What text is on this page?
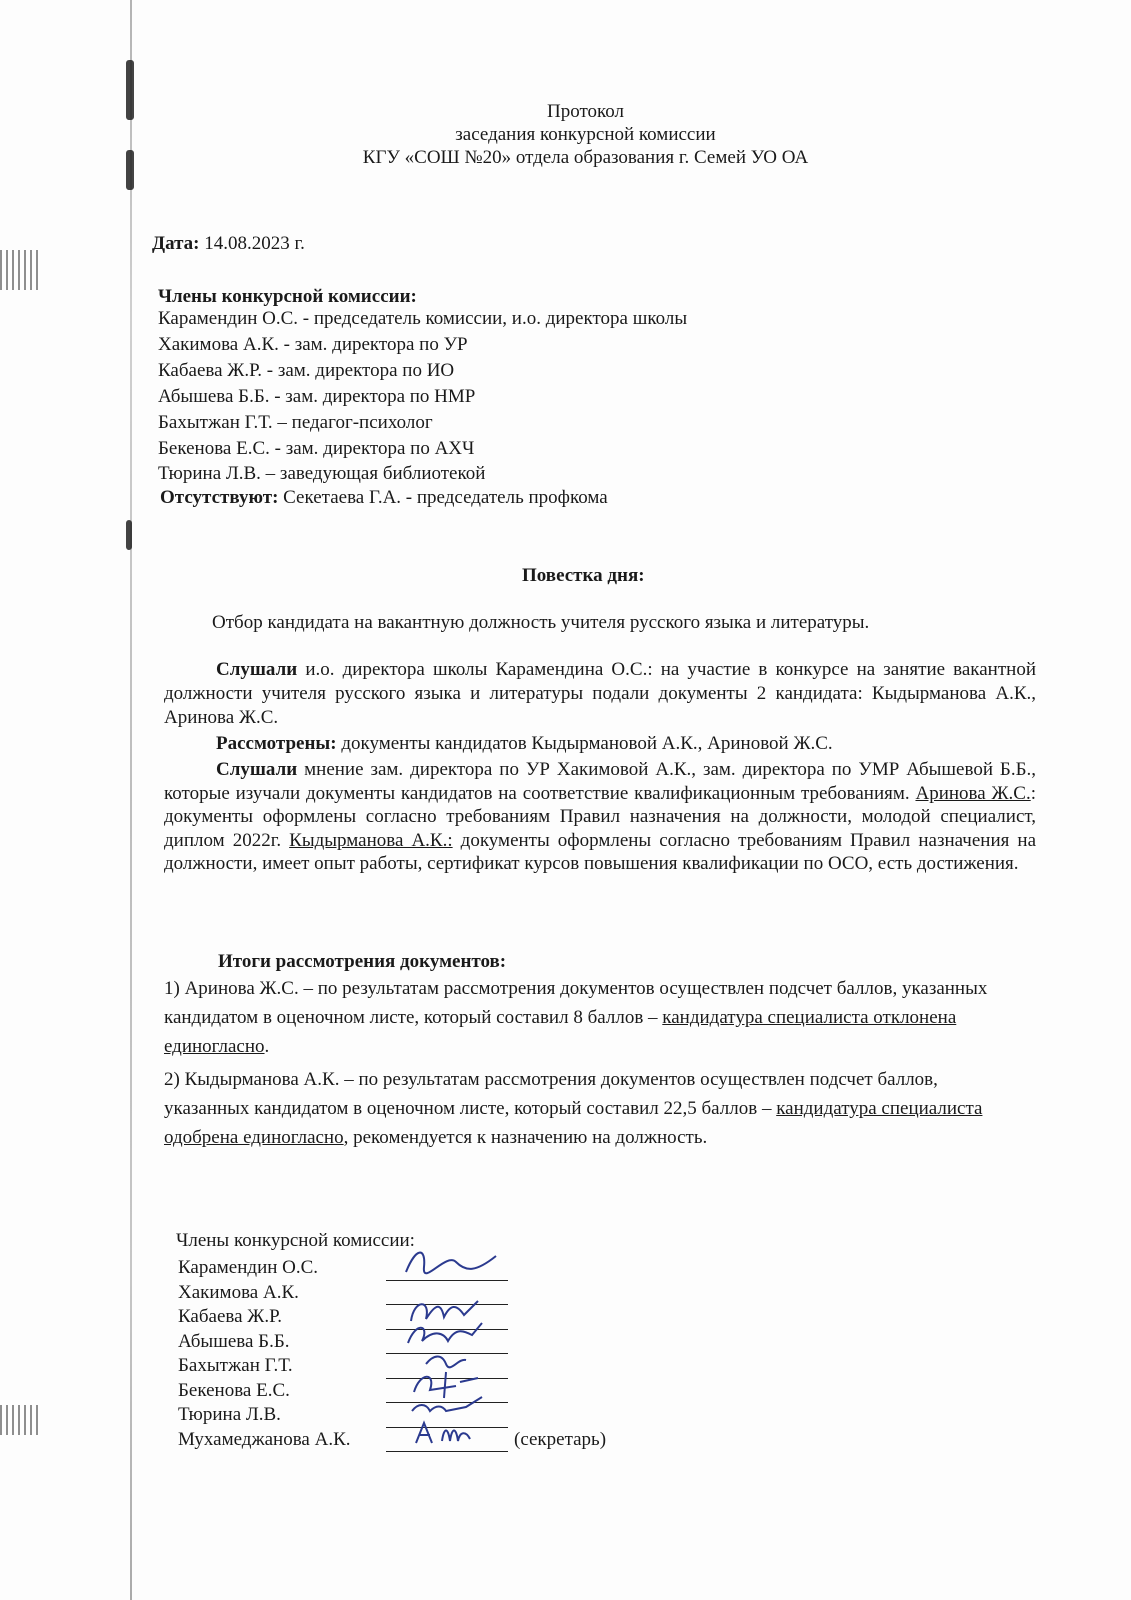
Протокол
заседания конкурсной комиссии
КГУ «СОШ №20» отдела образования г. Семей УО ОА
Дата: 14.08.2023 г.
Члены конкурсной комиссии:
Карамендин О.С. - председатель комиссии, и.о. директора школы
Хакимова А.К. - зам. директора по УР
Кабаева Ж.Р. - зам. директора по ИО
Абышева Б.Б. - зам. директора по НМР
Бахытжан Г.Т. – педагог-психолог
Бекенова Е.С. - зам. директора по АХЧ
Тюрина Л.В. – заведующая библиотекой
Отсутствуют: Секетаева Г.А. - председатель профкома
Повестка дня:
Отбор кандидата на вакантную должность учителя русского языка и литературы.
Слушали и.о. директора школы Карамендина О.С.: на участие в конкурсе на занятие вакантной должности учителя русского языка и литературы подали документы 2 кандидата: Кыдырманова А.К., Аринова Ж.С.
Рассмотрены: документы кандидатов Кыдырмановой А.К., Ариновой Ж.С.
Слушали мнение зам. директора по УР Хакимовой А.К., зам. директора по УМР Абышевой Б.Б., которые изучали документы кандидатов на соответствие квалификационным требованиям. Аринова Ж.С.: документы оформлены согласно требованиям Правил назначения на должности, молодой специалист, диплом 2022г. Кыдырманова А.К.: документы оформлены согласно требованиям Правил назначения на должности, имеет опыт работы, сертификат курсов повышения квалификации по ОСО, есть достижения.
Итоги рассмотрения документов:
1) Аринова Ж.С. – по результатам рассмотрения документов осуществлен подсчет баллов, указанных кандидатом в оценочном листе, который составил 8 баллов – кандидатура специалиста отклонена единогласно.
2) Кыдырманова А.К. – по результатам рассмотрения документов осуществлен подсчет баллов, указанных кандидатом в оценочном листе, который составил 22,5 баллов – кандидатура специалиста одобрена единогласно, рекомендуется к назначению на должность.
Члены конкурсной комиссии:
Карамендин О.С.
Хакимова А.К.
Кабаева Ж.Р.
Абышева Б.Б.
Бахытжан Г.Т.
Бекенова Е.С.
Тюрина Л.В.
Мухамеджанова А.К.	(секретарь)
